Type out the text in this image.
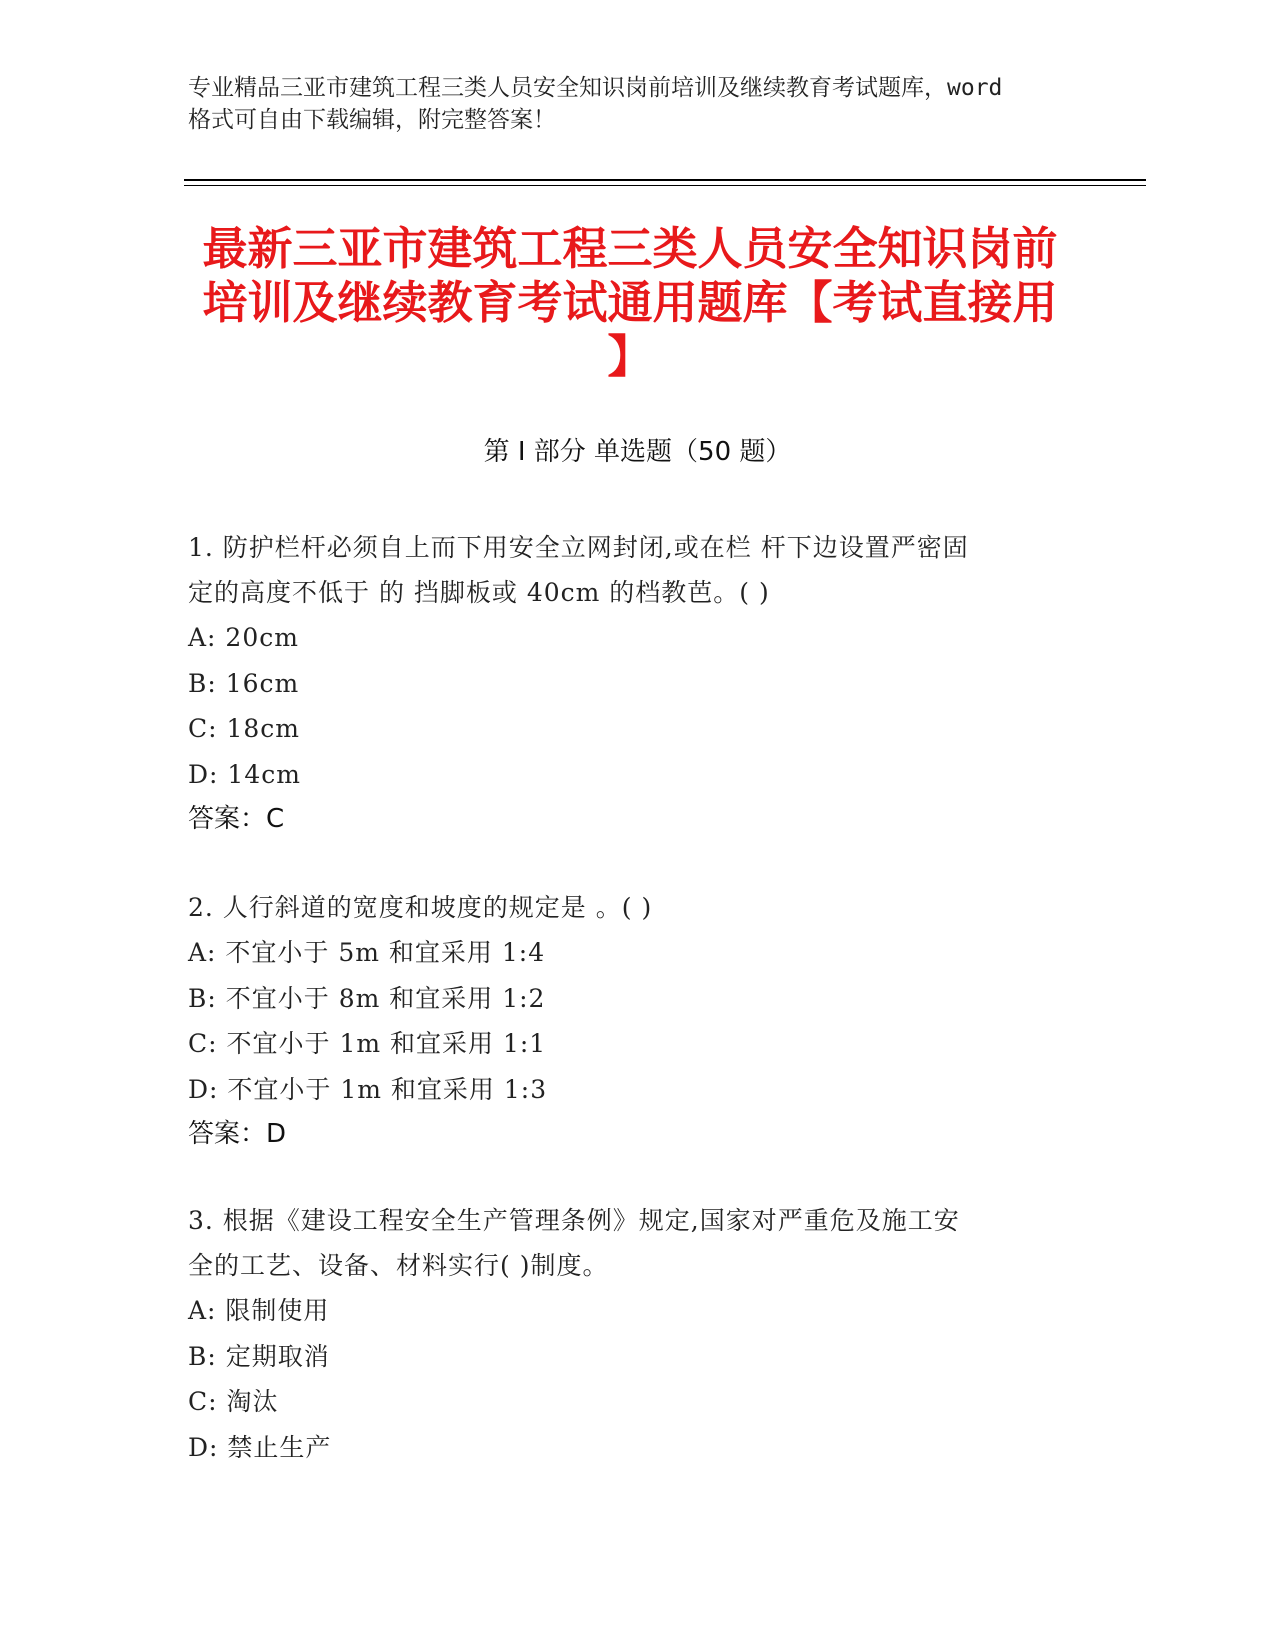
专业精品三亚市建筑工程三类人员安全知识岗前培训及继续教育考试题库，word
格式可自由下载编辑，附完整答案！
最新三亚市建筑工程三类人员安全知识岗前
培训及继续教育考试通用题库【考试直接用
】
第 I 部分 单选题（50 题）
1. 防护栏杆必须自上而下用安全立网封闭,或在栏 杆下边设置严密固
定的高度不低于 的 挡脚板或 40cm 的档教芭。( )
A: 20cm
B: 16cm
C: 18cm
D: 14cm
答案：C
2. 人行斜道的宽度和坡度的规定是 。( )
A: 不宜小于 5m 和宜采用 1:4
B: 不宜小于 8m 和宜采用 1:2
C: 不宜小于 1m 和宜采用 1:1
D: 不宜小于 1m 和宜采用 1:3
答案：D
3. 根据《建设工程安全生产管理条例》规定,国家对严重危及施工安
全的工艺、设备、材料实行( )制度。
A: 限制使用
B: 定期取消
C: 淘汰
D: 禁止生产
